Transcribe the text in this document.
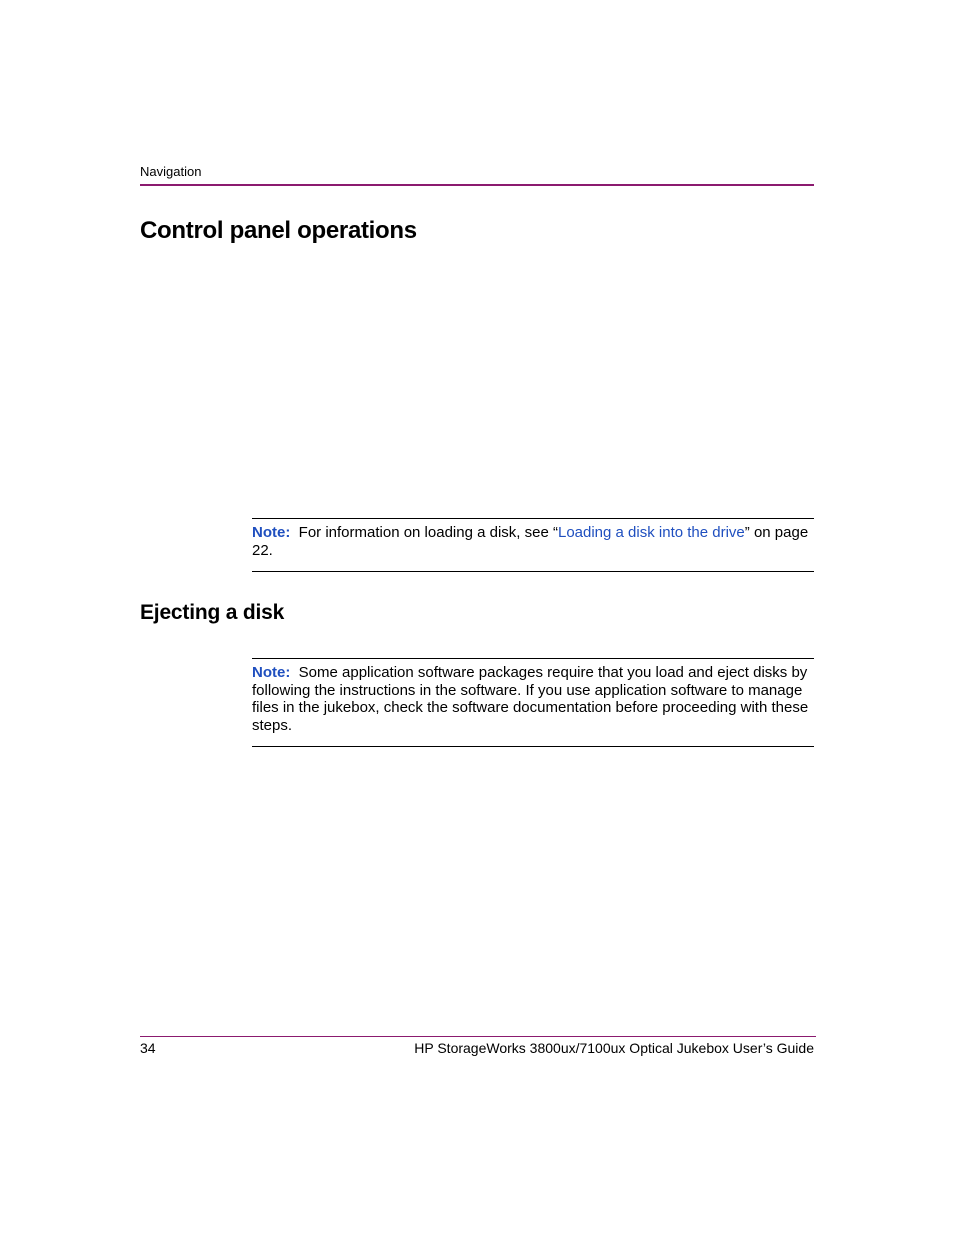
Navigation
Control panel operations
Note: For information on loading a disk, see “Loading a disk into the drive” on page 22.
Ejecting a disk
Note: Some application software packages require that you load and eject disks by following the instructions in the software. If you use application software to manage files in the jukebox, check the software documentation before proceeding with these steps.
34	HP StorageWorks 3800ux/7100ux Optical Jukebox User’s Guide
